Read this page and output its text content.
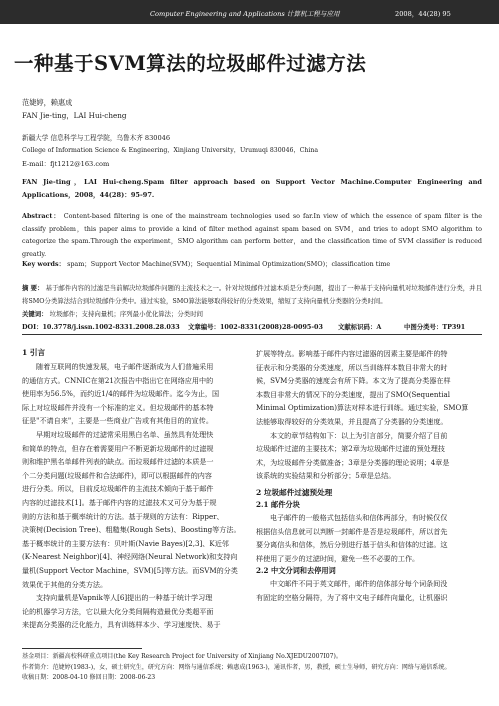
Computer Engineering and Applications 计算机工程与应用	2008，44(28) 95
一种基于SVM算法的垃圾邮件过滤方法
范婕婷，赖惠成
FAN Jie-ting，LAI Hui-cheng
新疆大学 信息科学与工程学院，乌鲁木齐 830046
College of Information Science & Engineering，Xinjiang University，Urumuqi 830046，China
E-mail：fjt1212@163.com
FAN Jie-ting，LAI Hui-cheng.Spam filter approach based on Support Vector Machine.Computer Engineering and Applications，2008，44(28)：95-97.
Abstract： Content-based filtering is one of the mainstream technologies used so far.In view of which the essence of spam filter is the classify problem，this paper aims to provide a kind of filter method against spam based on SVM，and tries to adopt SMO algorithm to categorize the spam.Through the experiment，SMO algorithm can perform better，and the classification time of SVM classifier is reduced greatly.
Key words： spam；Support Vector Machine(SVM)；Sequential Minimal Optimization(SMO)；classification time
摘 要： 基于邮件内容的过滤是当前解决垃圾邮件问题的主流技术之一。针对垃圾邮件过滤本质是分类问题，提出了一种基于支持向量机对垃圾邮件进行分类，并且将SMO分类算法结合到垃圾邮件分类中。通过实验，SMO算法能够取得较好的分类效果，缩短了支持向量机分类器的分类时间。
关键词： 垃圾邮件；支持向量机；序列最小优化算法；分类时间
DOI：10.3778/j.issn.1002-8331.2008.28.033 文章编号：1002-8331(2008)28-0095-03 文献标识码：A	中图分类号：TP391
1 引言
随着互联网的快速发展，电子邮件逐渐成为人们普遍采用
的通信方式。CNNIC在第21次报告中指出它在网络应用中的
使用率为56.5%，而约近1/4的邮件为垃圾邮件。迄今为止，国
际上对垃圾邮件并没有一个标准的定义。但垃圾邮件的基本特
征是"不请自来"，主要是一些商业广告或有其他目的的宣传。
早期对垃圾邮件的过滤常采用黑白名单、虽然具有处理快
和简单的特点，但存在着需要用户不断更新垃圾邮件的过滤规
则和维护黑名单邮件列表的缺点。而垃圾邮件过滤的本质是一
个二分类问题(垃圾邮件和合法邮件)，即可以根据邮件的内容
进行分类。所以，目前反垃圾邮件的主流技术倾向于基于邮件
内容的过滤技术[1]。基于邮件内容的过滤技术又可分为基于规
则的方法和基于概率统计的方法。基于规则的方法有：Ripper、
决策树(Decision Tree)、粗糙集(Rough Sets)、Boosting等方法。
基于概率统计的主要方法有：贝叶斯(Navie Bayes)[2,3]、K近邻
(K-Nearest Neighbor)[4]、神经网络(Neural Network)和支持向
量机(Support Vector Machine，SVM)[5]等方法。而SVM的分类
效果优于其他的分类方法。
支持向量机是Vapnik等人[6]提出的一种基于统计学习理
论的机器学习方法，它以最大化分类间隔构造最优分类超平面
来提高分类器的泛化能力，具有训练样本少、学习速度快、易于
扩展等特点。影响基于邮件内容过滤器的因素主要是邮件的特
征表示和分类器的分类速度，所以当训练样本数目非常大的时
候，SVM分类器的速度会有所下降。本文为了提高分类器在样
本数目非常大的情况下的分类速度，提出了SMO(Sequential
Minimal Optimization)算法对样本进行训练。通过实验，SMO算
法能够取得较好的分类效果，并且提高了分类器的分类速度。
本文的章节结构如下：以上为引言部分，简要介绍了目前
垃圾邮件过滤的主要技术；第2章为垃圾邮件过滤的预处理技
术，为垃圾邮件分类做准备；3章是分类器的理论说明；4章是
该系统的实验结果和分析部分；5章是总结。
2 垃圾邮件过滤预处理
2.1 邮件分块
电子邮件的一般格式包括信头和信体两部分，有时候仅仅
根据信头信息就可以判断一封邮件是否是垃圾邮件，所以首先
要分离信头和信体，然后分别进行基于信头和信体的过滤。这
样使用了更少的过滤时间，避免一些不必要的工作。
2.2 中文分词和去停用词
中文邮件不同于英文邮件，邮件的信体部分每个词条间没
有固定的空格分隔符，为了将中文电子邮件向量化，让机器识
基金项目：新疆高校科研重点项目(the Key Research Project for University of Xinjiang No.XJEDU2007I07)。
作者简介：范婕婷(1983-)，女，硕士研究生，研究方向：网络与通信系统；赖惠成(1963-)，通讯作者，男，教授，硕士生导师，研究方向：网络与通信系统。
收稿日期：2008-04-10 修回日期：2008-06-23
